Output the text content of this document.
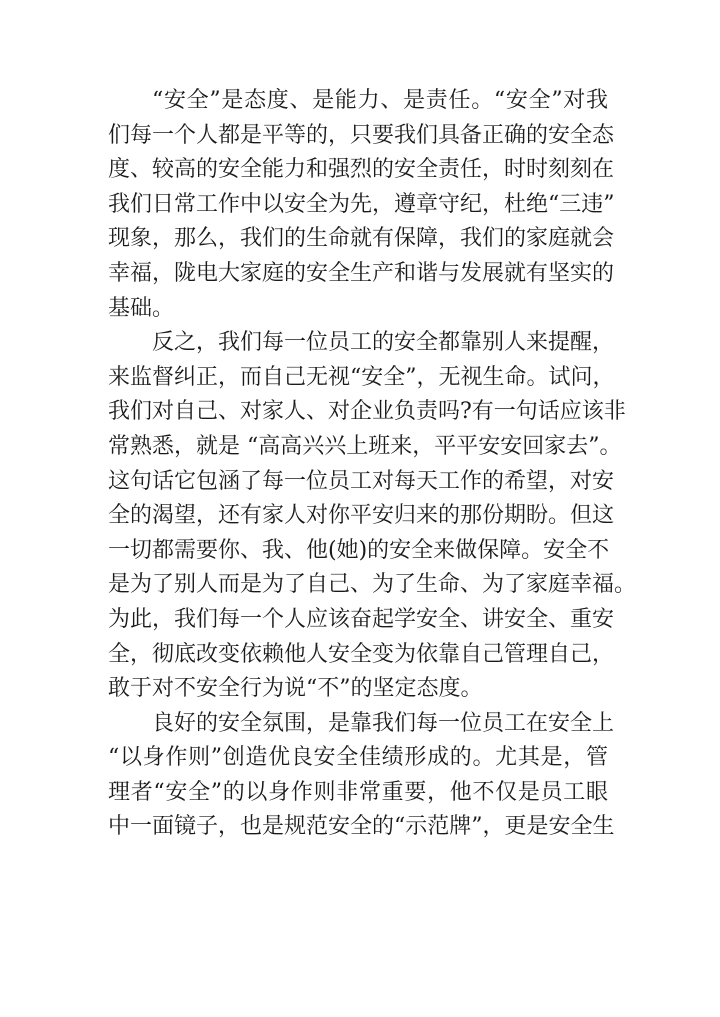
“安全”是态度、是能力、是责任。“安全”对我
们每一个人都是平等的，只要我们具备正确的安全态
度、较高的安全能力和强烈的安全责任，时时刻刻在
我们日常工作中以安全为先，遵章守纪，杜绝“三违”
现象，那么，我们的生命就有保障，我们的家庭就会
幸福，陇电大家庭的安全生产和谐与发展就有坚实的
基础。
反之，我们每一位员工的安全都靠别人来提醒，
来监督纠正，而自己无视“安全”，无视生命。试问，
我们对自己、对家人、对企业负责吗?有一句话应该非
常熟悉，就是 “高高兴兴上班来，平平安安回家去”。
这句话它包涵了每一位员工对每天工作的希望，对安
全的渴望，还有家人对你平安归来的那份期盼。但这
一切都需要你、我、他(她)的安全来做保障。安全不
是为了别人而是为了自己、为了生命、为了家庭幸福。
为此，我们每一个人应该奋起学安全、讲安全、重安
全，彻底改变依赖他人安全变为依靠自己管理自己，
敢于对不安全行为说“不”的坚定态度。
良好的安全氛围，是靠我们每一位员工在安全上
“以身作则”创造优良安全佳绩形成的。尤其是，管
理者“安全”的以身作则非常重要，他不仅是员工眼
中一面镜子，也是规范安全的“示范牌”，更是安全生
